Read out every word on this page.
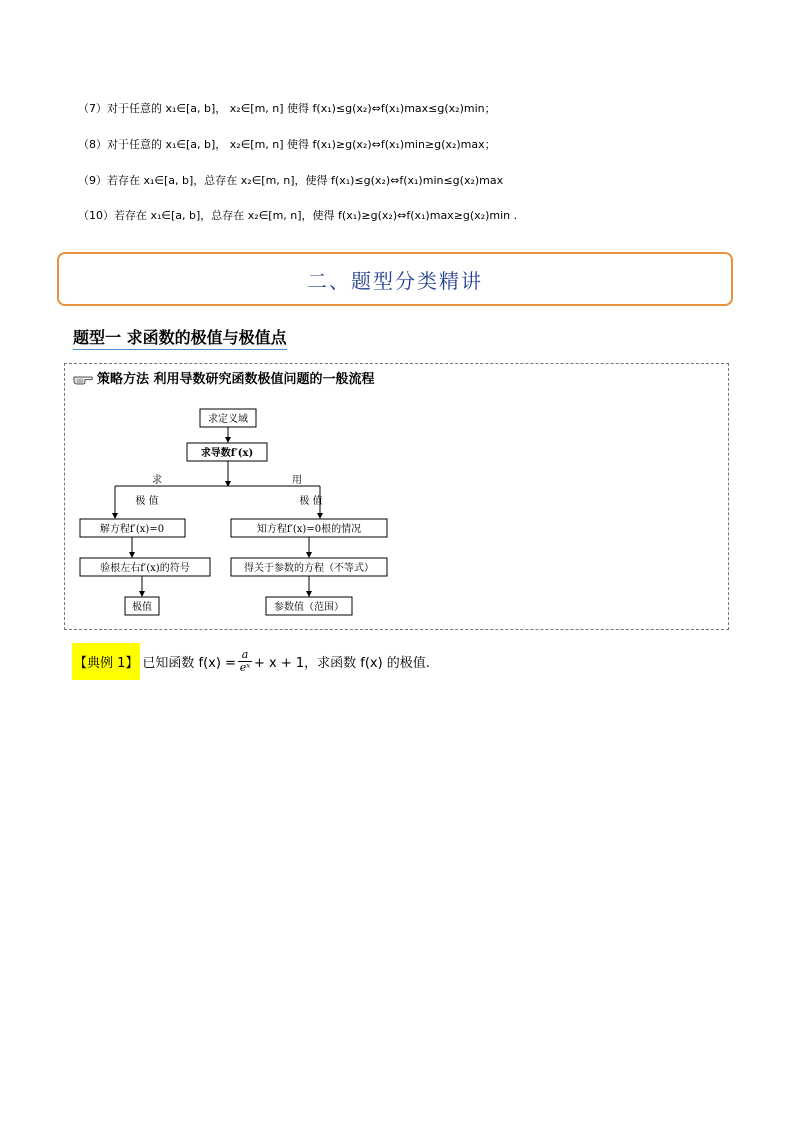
（7）对于任意的 x₁∈[a, b]， x₂∈[m, n] 使得 f(x₁)≤g(x₂)⇔f(x₁)max≤g(x₂)min；
（8）对于任意的 x₁∈[a, b]， x₂∈[m, n] 使得 f(x₁)≥g(x₂)⇔f(x₁)min≥g(x₂)max；
（9）若存在 x₁∈[a, b]，总存在 x₂∈[m, n]，使得 f(x₁)≤g(x₂)⇔f(x₁)min≤g(x₂)max
（10）若存在 x₁∈[a, b]，总存在 x₂∈[m, n]，使得 f(x₁)≥g(x₂)⇔f(x₁)max≥g(x₂)min .
二、题型分类精讲
题型一 求函数的极值与极值点
策略方法 利用导数研究函数极值问题的一般流程
求定义域
求导数f′(x)
求
极 值
用
极 值
解方程f′(x)=0
验根左右f′(x)的符号
极值
知方程f′(x)=0根的情况
得关于参数的方程（不等式）
参数值（范围）
【典例 1】 已知函数 $f(x) = \frac{a}{\text{eˣ}} + x + 1$，求函数 f(x) 的极值.
